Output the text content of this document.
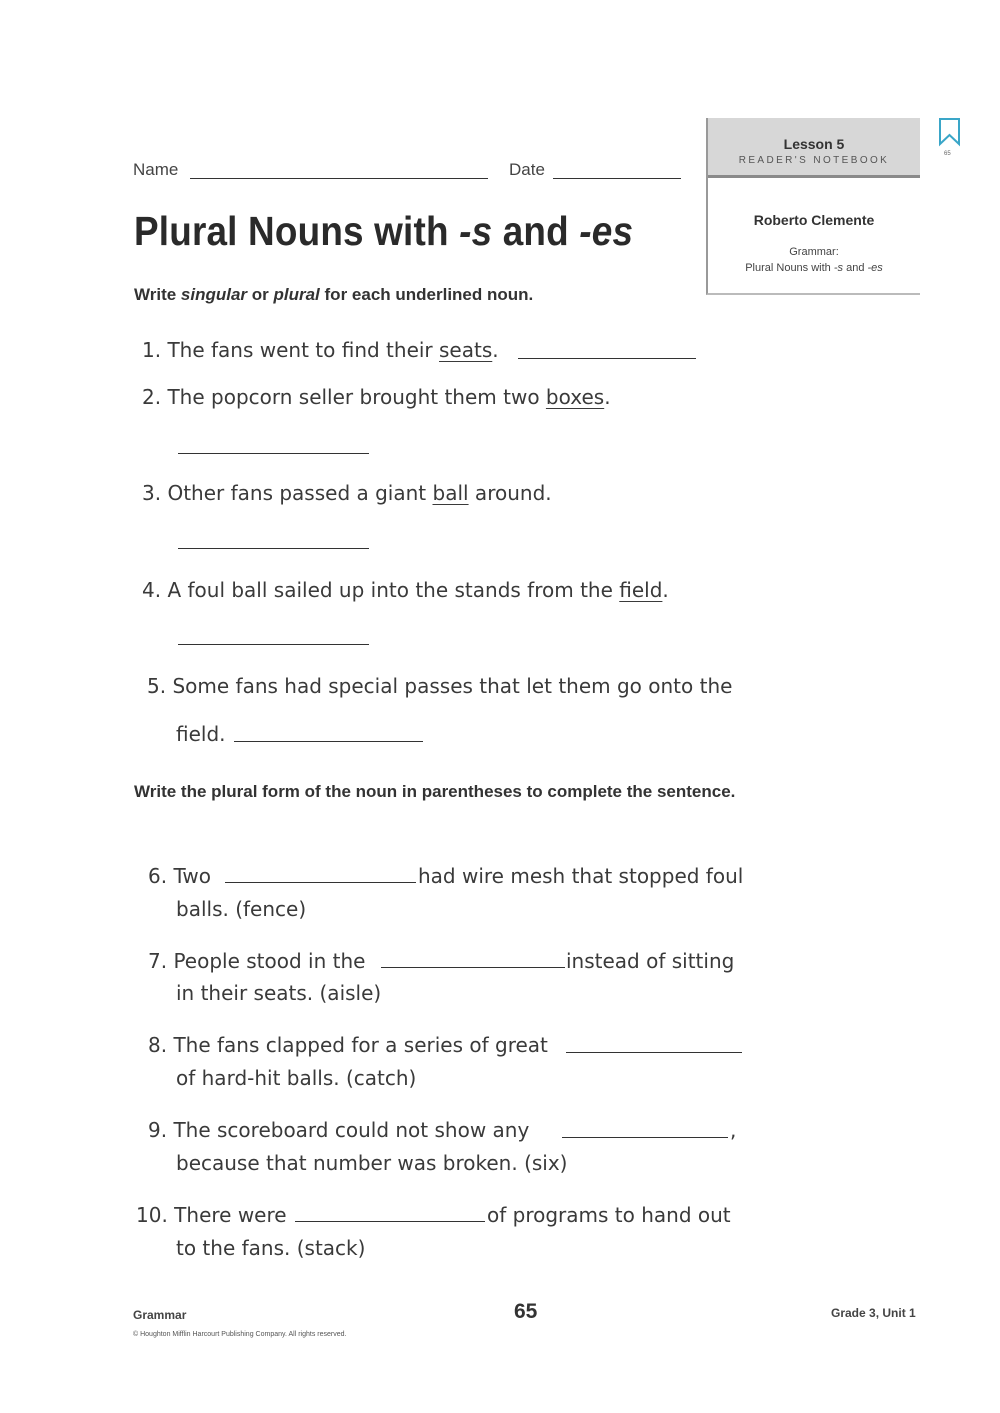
Name	Date
Plural Nouns with -s and -es
Lesson 5
READER'S NOTEBOOK
Roberto Clemente
Grammar:
Plural Nouns with -s and -es
65
Write singular or plural for each underlined noun.
1. The fans went to find their seats.
2. The popcorn seller brought them two boxes.
3. Other fans passed a giant ball around.
4. A foul ball sailed up into the stands from the field.
5. Some fans had special passes that let them go onto the
field.
Write the plural form of the noun in parentheses to complete the sentence.
6. Two	had wire mesh that stopped foul
balls. (fence)
7. People stood in the	instead of sitting
in their seats. (aisle)
8. The fans clapped for a series of great
of hard-hit balls. (catch)
9. The scoreboard could not show any	,
because that number was broken. (six)
10. There were	of programs to hand out
to the fans. (stack)
Grammar	65	Grade 3, Unit 1
© Houghton Mifflin Harcourt Publishing Company. All rights reserved.
